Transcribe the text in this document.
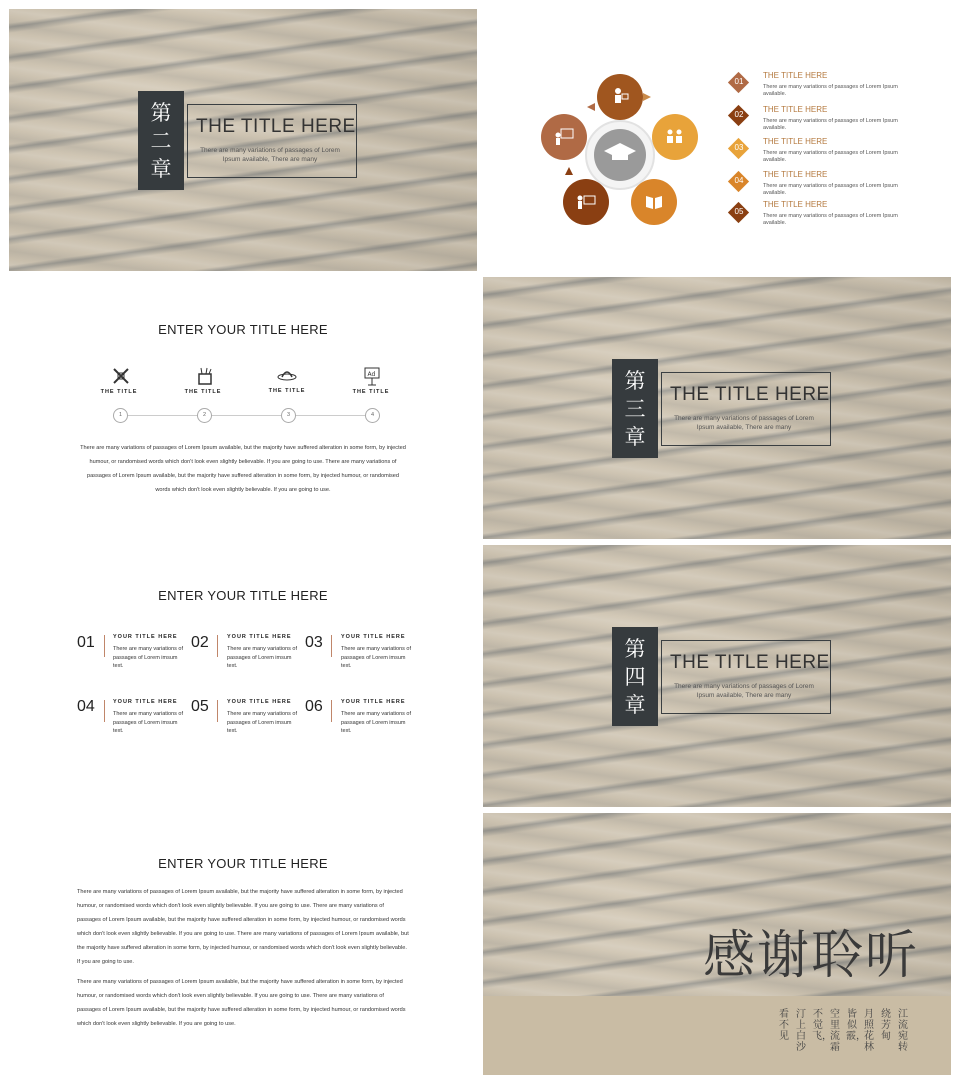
第
二
章
THE TITLE HERE
There are many variations of passages of Lorem Ipsum available, There are many
01
THE TITLE HERE
There are many variations of passages of Lorem Ipsum available.
02
THE TITLE HERE
There are many variations of passages of Lorem Ipsum available.
03
THE TITLE HERE
There are many variations of passages of Lorem Ipsum available.
04
THE TITLE HERE
There are many variations of passages of Lorem Ipsum available.
05
THE TITLE HERE
There are many variations of passages of Lorem Ipsum available.
ENTER YOUR TITLE HERE
Ad
THE TITLE	THE TITLE	THE TITLE	THE TITLE
1	2	3	4
There are many variations of passages of Lorem Ipsum available, but the majority have suffered alteration in some form, by injected humour, or randomised words which don't look even slightly believable. If you are going to use. There are many variations of passages of Lorem Ipsum available, but the majority have suffered alteration in some form, by injected humour, or randomised words which don't look even slightly believable. If you are going to use.
第
三
章
THE TITLE HERE
There are many variations of passages of Lorem Ipsum available, There are many
ENTER YOUR TITLE HERE
01	YOUR TITLE HERE
There are many variations of passages of Lorem imsum text.
02	YOUR TITLE HERE
There are many variations of passages of Lorem imsum text.
03	YOUR TITLE HERE
There are many variations of passages of Lorem imsum text.
04	YOUR TITLE HERE
There are many variations of passages of Lorem imsum text.
05	YOUR TITLE HERE
There are many variations of passages of Lorem imsum text.
06	YOUR TITLE HERE
There are many variations of passages of Lorem imsum text.
第
四
章
THE TITLE HERE
There are many variations of passages of Lorem Ipsum available, There are many
ENTER YOUR TITLE HERE
There are many variations of passages of Lorem Ipsum available, but the majority have suffered alteration in some form, by injected humour, or randomised words which don't look even slightly believable. If you are going to use. There are many variations of passages of Lorem Ipsum available, but the majority have suffered alteration in some form, by injected humour, or randomised words which don't look even slightly believable. If you are going to use. There are many variations of passages of Lorem Ipsum available, but the majority have suffered alteration in some form, by injected humour, or randomised words which don't look even slightly believable. If you are going to use.
There are many variations of passages of Lorem Ipsum available, but the majority have suffered alteration in some form, by injected humour, or randomised words which don't look even slightly believable. If you are going to use. There are many variations of passages of Lorem Ipsum available, but the majority have suffered alteration in some form, by injected humour, or randomised words which don't look even slightly believable. If you are going to use.
感谢聆听
江流宛转
绕芳甸
月照花林
皆似霰，
空里流霜
不觉飞，
汀上白沙
看不见
